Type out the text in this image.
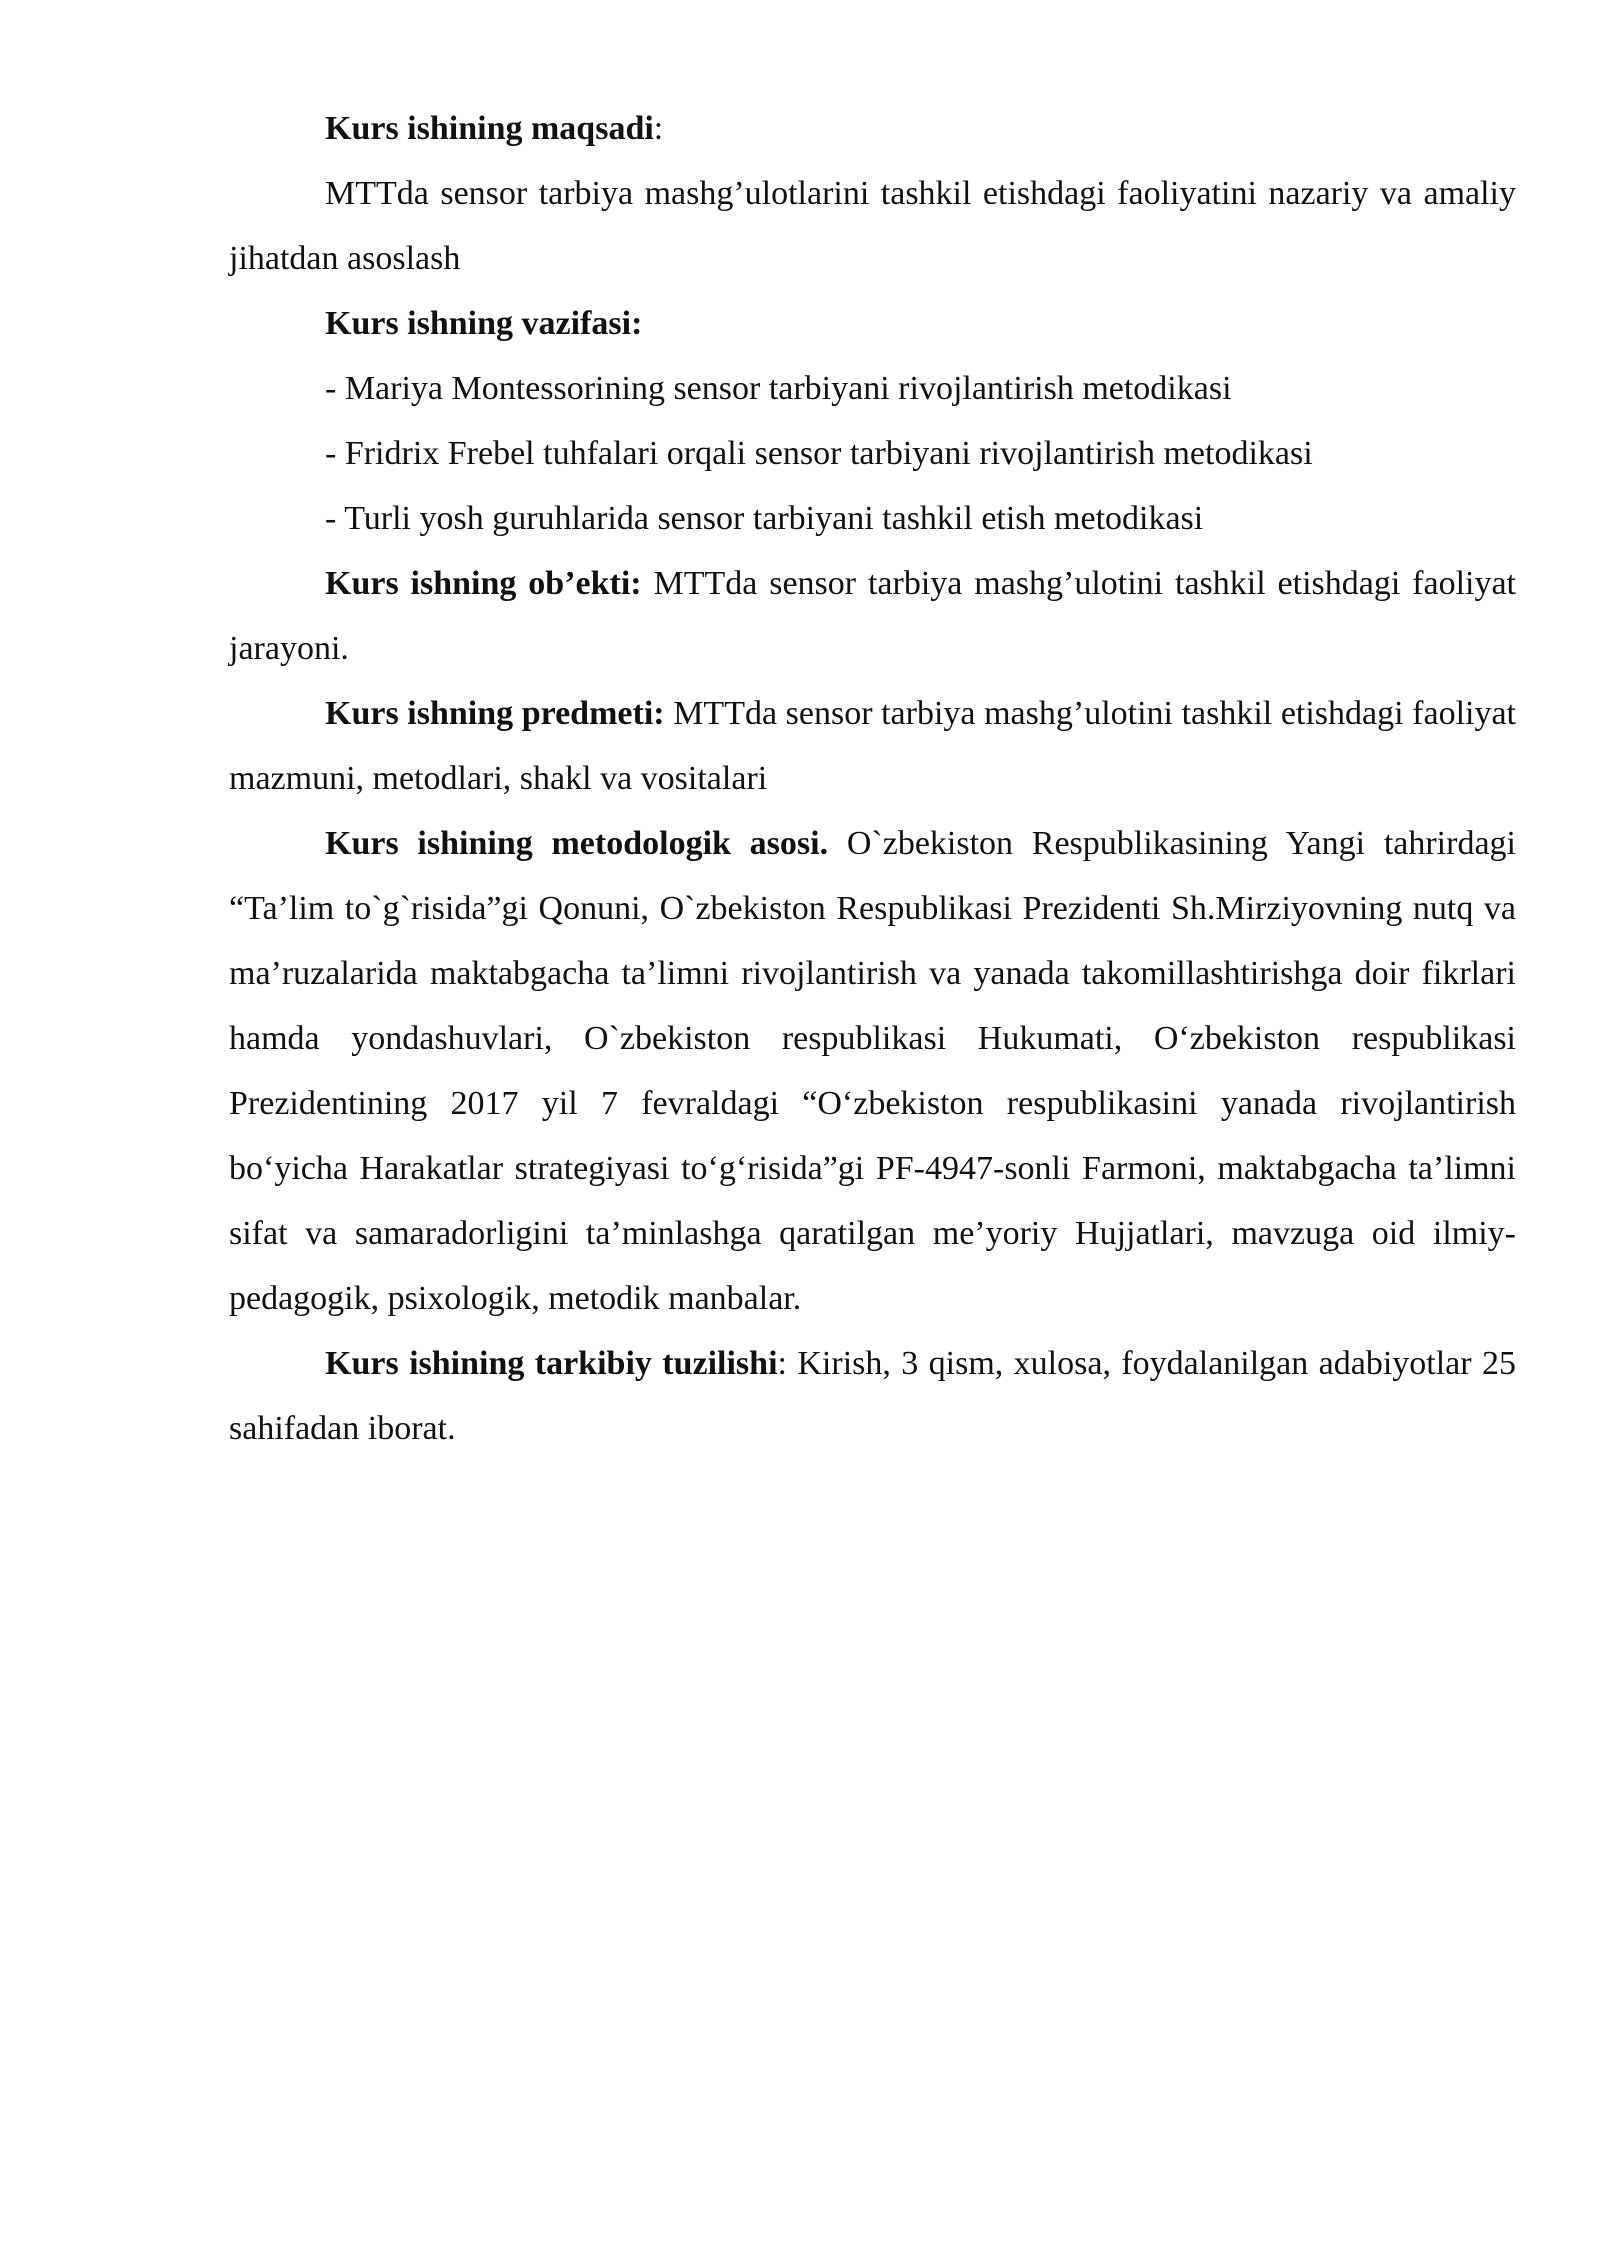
Kurs ishining maqsadi:

MTTda sensor tarbiya mashg’ulotlarini tashkil etishdagi faoliyatini nazariy va amaliy jihatdan asoslash

Kurs ishning vazifasi:

- Mariya Montessorining sensor tarbiyani rivojlantirish metodikasi

- Fridrix Frebel tuhfalari orqali sensor tarbiyani rivojlantirish metodikasi

- Turli yosh guruhlarida sensor tarbiyani tashkil etish metodikasi

Kurs ishning ob’ekti: MTTda sensor tarbiya mashg’ulotini tashkil etishdagi faoliyat jarayoni.

Kurs ishning predmeti: MTTda sensor tarbiya mashg’ulotini tashkil etishdagi faoliyat mazmuni, metodlari, shakl va vositalari

Kurs ishining metodologik asosi. O`zbekiston Respublikasining Yangi tahrirdagi “Ta’lim to`g`risida”gi Qonuni, O`zbekiston Respublikasi Prezidenti Sh.Mirziyovning nutq va ma’ruzalarida maktabgacha ta’limni rivojlantirish va yanada takomillashtirishga doir fikrlari hamda yondashuvlari, O`zbekiston respublikasi Hukumati, O‘zbekiston respublikasi Prezidentining 2017 yil 7 fevraldagi “O‘zbekiston respublikasini yanada rivojlantirish bo‘yicha Harakatlar strategiyasi to‘g‘risida”gi PF-4947-sonli Farmoni, maktabgacha ta’limni sifat va samaradorligini ta’minlashga qaratilgan me’yoriy Hujjatlari, mavzuga oid ilmiy-pedagogik, psixologik, metodik manbalar.

Kurs ishining tarkibiy tuzilishi: Kirish, 3 qism, xulosa, foydalanilgan adabiyotlar 25 sahifadan iborat.
